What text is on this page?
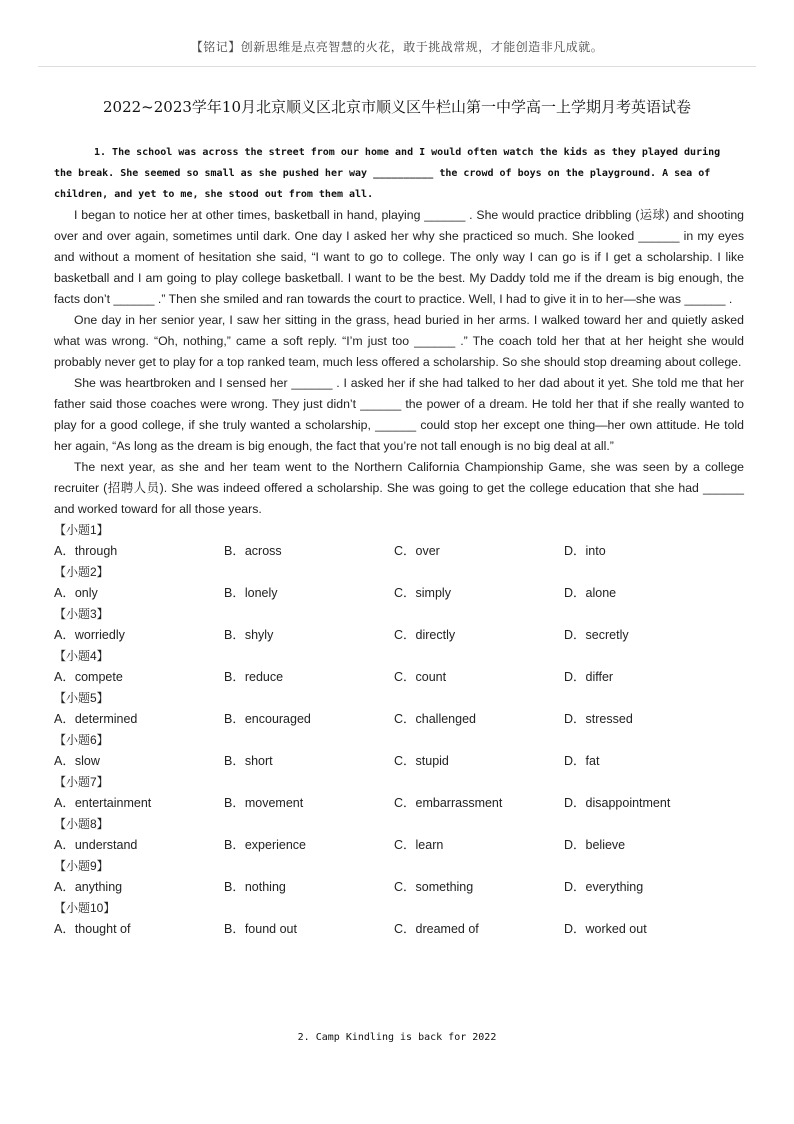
【铭记】创新思维是点亮智慧的火花，敢于挑战常规，才能创造非凡成就。
2022~2023学年10月北京顺义区北京市顺义区牛栏山第一中学高一上学期月考英语试卷

1. The school was across the street from our home and I would often watch the kids as they played during the break. She seemed so small as she pushed her way __________ the crowd of boys on the playground. A sea of children, and yet to me, she stood out from them all.

I began to notice her at other times, basketball in hand, playing ______ . She would practice dribbling (运球) and shooting over and over again, sometimes until dark. One day I asked her why she practiced so much. She looked ______ in my eyes and without a moment of hesitation she said, “I want to go to college. The only way I can go is if I get a scholarship. I like basketball and I am going to play college basketball. I want to be the best. My Daddy told me if the dream is big enough, the facts don’t ______ .” Then she smiled and ran towards the court to practice. Well, I had to give it in to her—she was ______ .

One day in her senior year, I saw her sitting in the grass, head buried in her arms. I walked toward her and quietly asked what was wrong. “Oh, nothing,” came a soft reply. “I’m just too ______ .” The coach told her that at her height she would probably never get to play for a top ranked team, much less offered a scholarship. So she should stop dreaming about college.

She was heartbroken and I sensed her ______ . I asked her if she had talked to her dad about it yet. She told me that her father said those coaches were wrong. They just didn’t ______ the power of a dream. He told her that if she really wanted to play for a good college, if she truly wanted a scholarship, ______ could stop her except one thing—her own attitude. He told her again, “As long as the dream is big enough, the fact that you’re not tall enough is no big deal at all.”

The next year, as she and her team went to the Northern California Championship Game, she was seen by a college recruiter (招聘人员). She was indeed offered a scholarship. She was going to get the college education that she had ______ and worked toward for all those years.

【小题1】

A．through	B．across	C．over	D．into

【小题2】

A．only	B．lonely	C．simply	D．alone

【小题3】

A．worriedly	B．shyly	C．directly	D．secretly

【小题4】

A．compete	B．reduce	C．count	D．differ

【小题5】

A．determined	B．encouraged	C．challenged	D．stressed

【小题6】

A．slow	B．short	C．stupid	D．fat

【小题7】

A．entertainment	B．movement	C．embarrassment	D．disappointment

【小题8】

A．understand	B．experience	C．learn	D．believe

【小题9】

A．anything	B．nothing	C．something	D．everything

【小题10】

A．thought of	B．found out	C．dreamed of	D．worked out
2. Camp Kindling is back for 2022
